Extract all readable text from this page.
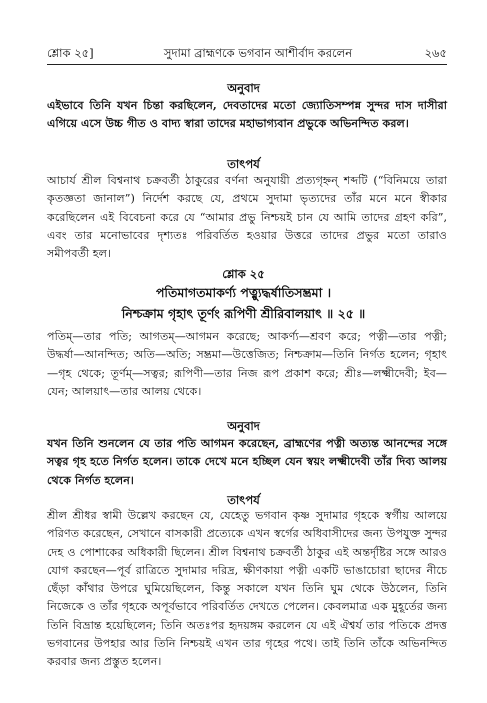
শ্লোক ২৫]	সুদামা ব্রাহ্মণকে ভগবান আশীর্বাদ করলেন	২৬৫
অনুবাদ

এইভাবে তিনি যখন চিন্তা করছিলেন, দেবতাদের মতো জ্যোতিসম্পন্ন সুন্দর দাস দাসীরা এগিয়ে এসে উচ্চ গীত ও বাদ্য স্বারা তাদের মহাভাগ্যবান প্রভুকে অভিনন্দিত করল।

তাৎপর্য

আচার্য শ্রীল বিশ্বনাথ চক্রবর্তী ঠাকুরের বর্ণনা অনুযায়ী প্রত্যগৃহ্নন্ শব্দটি (“বিনিময়ে তারা কৃতজ্ঞতা জানাল”) নির্দেশ করছে যে, প্রথমে সুদামা ভৃত্যদের তাঁর মনে মনে স্বীকার করেছিলেন এই বিবেচনা করে যে “আমার প্রভু নিশ্চয়ই চান যে আমি তাদের গ্রহণ করি”, এবং তার মনোভাবের দৃশ্যতঃ পরিবর্তিত হওয়ার উত্তরে তাদের প্রভুর মতো তারাও সমীপবর্তী হল।

শ্লোক ২৫
পতিমাগতমাকর্ণ্য পত্ন্যুদ্ধর্ষাতিসম্ভ্রমা ।
নিশ্চক্রাম গৃহাৎ তূর্ণং রূপিণী শ্রীরিবালয়াৎ ॥ ২৫ ॥

পতিম্‌—তার পতি; আগতম্‌—আগমন করেছে; আকর্ণ্য—শ্রবণ করে; পত্নী—তার পত্নী; উদ্ধর্ষা—আনন্দিত; অতি—অতি; সম্ভ্রমা—উত্তেজিত; নিশ্চক্রাম—তিনি নির্গত হলেন; গৃহাৎ—গৃহ থেকে; তূর্ণম্‌—সত্বর; রূপিণী—তার নিজ রূপ প্রকাশ করে; শ্রীঃ—লক্ষ্মীদেবী; ইব—যেন; আলয়াৎ—তার আলয় থেকে।

অনুবাদ

যখন তিনি শুনলেন যে তার পতি আগমন করেছেন, ব্রাহ্মণের পত্নী অত্যন্ত আনন্দের সঙ্গে সত্বর গৃহ হতে নির্গত হলেন। তাকে দেখে মনে হচ্ছিল যেন স্বয়ং লক্ষ্মীদেবী তাঁর দিব্য আলয় থেকে নির্গত হলেন।

তাৎপর্য

শ্রীল শ্রীধর স্বামী উল্লেখ করছেন যে, যেহেতু ভগবান কৃষ্ণ সুদামার গৃহকে স্বর্গীয় আলয়ে পরিণত করেছেন, সেখানে বাসকারী প্রত্যেকে এখন স্বর্গের অধিবাসীদের জন্য উপযুক্ত সুন্দর দেহ ও পোশাকের অধিকারী ছিলেন। শ্রীল বিশ্বনাথ চক্রবর্তী ঠাকুর এই অন্তর্দৃষ্টির সঙ্গে আরও যোগ করছেন—পূর্ব রাত্রিতে সুদামার দরিদ্র, ক্ষীণকায়া পত্নী একটি ভাঙাচোরা ছাদের নীচে ছেঁড়া কাঁথার উপরে ঘুমিয়েছিলেন, কিন্তু সকালে যখন তিনি ঘুম থেকে উঠলেন, তিনি নিজেকে ও তাঁর গৃহকে অপূর্বভাবে পরিবর্তিত দেখতে পেলেন। কেবলমাত্র এক মুহূর্তের জন্য তিনি বিভ্রান্ত হয়েছিলেন; তিনি অতঃপর হৃদয়ঙ্গম করলেন যে এই ঐশ্বর্য তার পতিকে প্রদত্ত ভগবানের উপহার আর তিনি নিশ্চয়ই এখন তার গৃহের পথে। তাই তিনি তাঁকে অভিনন্দিত করবার জন্য প্রস্তুত হলেন।
